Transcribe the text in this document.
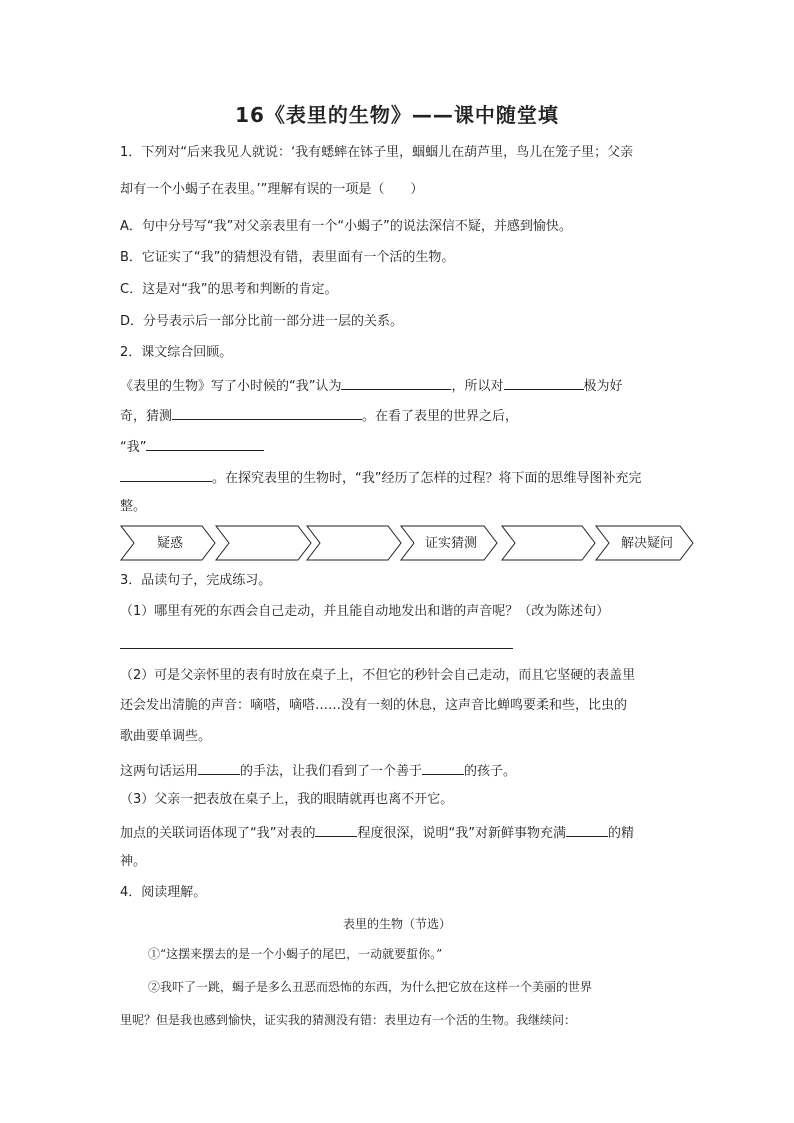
16《表里的生物》——课中随堂填
1．下列对“后来我见人就说：‘我有蟋蟀在钵子里，蝈蝈儿在葫芦里，鸟儿在笼子里；父亲
却有一个小蝎子在表里。’”理解有误的一项是（　　）
A．句中分号写“我”对父亲表里有一个“小蝎子”的说法深信不疑，并感到愉快。
B．它证实了“我”的猜想没有错，表里面有一个活的生物。
C．这是对“我”的思考和判断的肯定。
D．分号表示后一部分比前一部分进一层的关系。
2．课文综合回顾。
《表里的生物》写了小时候的“我”认为	，所以对	极为好
奇，猜测	。在看了表里的世界之后，
“我”
。在探究表里的生物时，“我”经历了怎样的过程？将下面的思维导图补充完
整。
疑惑	证实猜测	解决疑问
3．品读句子，完成练习。
（1）哪里有死的东西会自己走动，并且能自动地发出和谐的声音呢？（改为陈述句）
（2）可是父亲怀里的表有时放在桌子上，不但它的秒针会自己走动，而且它坚硬的表盖里
还会发出清脆的声音：嘀嗒，嘀嗒……没有一刻的休息，这声音比蝉鸣要柔和些，比虫的
歌曲要单调些。
这两句话运用	的手法，让我们看到了一个善于	的孩子。
（3）父亲一把表放在桌子上，我的眼睛就再也离不开它。
加点的关联词语体现了“我”对表的	程度很深，说明“我”对新鲜事物充满	的精
神。
4．阅读理解。
表里的生物（节选）
①“这摆来摆去的是一个小蝎子的尾巴，一动就要蜇你。”
②我吓了一跳，蝎子是多么丑恶而恐怖的东西，为什么把它放在这样一个美丽的世界
里呢？但是我也感到愉快，证实我的猜测没有错：表里边有一个活的生物。我继续问：
